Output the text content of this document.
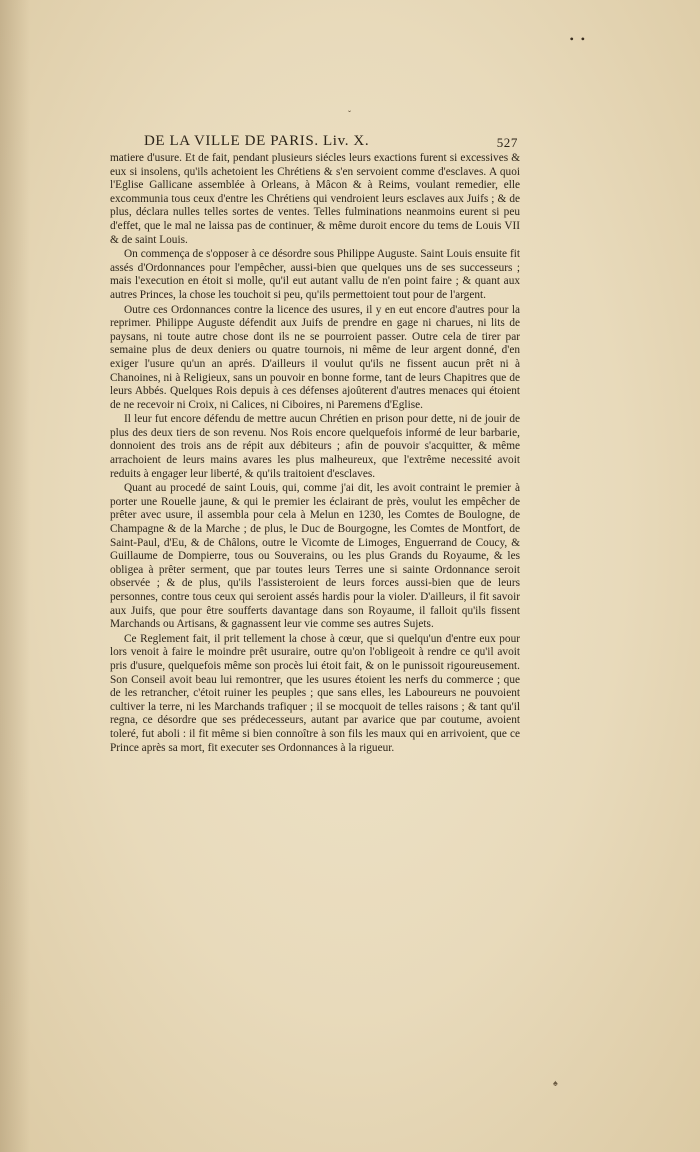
• •
ˇ
DE LA VILLE DE PARIS. Liv. X.	527

matiere d'usure. Et de fait, pendant plusieurs siécles leurs exactions furent si excessives & eux si insolens, qu'ils achetoient les Chrétiens & s'en servoient comme d'esclaves. A quoi l'Eglise Gallicane assemblée à Orleans, à Mâcon & à Reims, voulant remedier, elle excommunia tous ceux d'entre les Chrétiens qui vendroient leurs esclaves aux Juifs ; & de plus, déclara nulles telles sortes de ventes. Telles fulminations neanmoins eurent si peu d'effet, que le mal ne laissa pas de continuer, & même duroit encore du tems de Louis VII & de saint Louis.

On commença de s'opposer à ce désordre sous Philippe Auguste. Saint Louis ensuite fit assés d'Ordonnances pour l'empêcher, aussi-bien que quelques uns de ses successeurs ; mais l'execution en étoit si molle, qu'il eut autant vallu de n'en point faire ; & quant aux autres Princes, la chose les touchoit si peu, qu'ils permettoient tout pour de l'argent.

Outre ces Ordonnances contre la licence des usures, il y en eut encore d'autres pour la reprimer. Philippe Auguste défendit aux Juifs de prendre en gage ni charues, ni lits de paysans, ni toute autre chose dont ils ne se pourroient passer. Outre cela de tirer par semaine plus de deux deniers ou quatre tournois, ni même de leur argent donné, d'en exiger l'usure qu'un an aprés. D'ailleurs il voulut qu'ils ne fissent aucun prêt ni à Chanoines, ni à Religieux, sans un pouvoir en bonne forme, tant de leurs Chapitres que de leurs Abbés. Quelques Rois depuis à ces défenses ajoûterent d'autres menaces qui étoient de ne recevoir ni Croix, ni Calices, ni Ciboires, ni Paremens d'Eglise.

Il leur fut encore défendu de mettre aucun Chrétien en prison pour dette, ni de jouir de plus des deux tiers de son revenu. Nos Rois encore quelquefois informé de leur barbarie, donnoient des trois ans de répit aux débiteurs ; afin de pouvoir s'acquitter, & même arrachoient de leurs mains avares les plus malheureux, que l'extrême necessité avoit reduits à engager leur liberté, & qu'ils traitoient d'esclaves.

Quant au procedé de saint Louis, qui, comme j'ai dit, les avoit contraint le premier à porter une Rouelle jaune, & qui le premier les éclairant de près, voulut les empêcher de prêter avec usure, il assembla pour cela à Melun en 1230, les Comtes de Boulogne, de Champagne & de la Marche ; de plus, le Duc de Bourgogne, les Comtes de Montfort, de Saint-Paul, d'Eu, & de Châlons, outre le Vicomte de Limoges, Enguerrand de Coucy, & Guillaume de Dompierre, tous ou Souverains, ou les plus Grands du Royaume, & les obligea à prêter serment, que par toutes leurs Terres une si sainte Ordonnance seroit observée ; & de plus, qu'ils l'assisteroient de leurs forces aussi-bien que de leurs personnes, contre tous ceux qui seroient assés hardis pour la violer. D'ailleurs, il fit savoir aux Juifs, que pour être soufferts davantage dans son Royaume, il falloit qu'ils fissent Marchands ou Artisans, & gagnassent leur vie comme ses autres Sujets.

Ce Reglement fait, il prit tellement la chose à cœur, que si quelqu'un d'entre eux pour lors venoit à faire le moindre prêt usuraire, outre qu'on l'obligeoit à rendre ce qu'il avoit pris d'usure, quelquefois même son procès lui étoit fait, & on le punissoit rigoureusement. Son Conseil avoit beau lui remontrer, que les usures étoient les nerfs du commerce ; que de les retrancher, c'étoit ruiner les peuples ; que sans elles, les Laboureurs ne pouvoient cultiver la terre, ni les Marchands trafiquer ; il se mocquoit de telles raisons ; & tant qu'il regna, ce désordre que ses prédecesseurs, autant par avarice que par coutume, avoient toleré, fut aboli : il fit même si bien connoître à son fils les maux qui en arrivoient, que ce Prince après sa mort, fit executer ses Ordonnances à la rigueur.

♠
